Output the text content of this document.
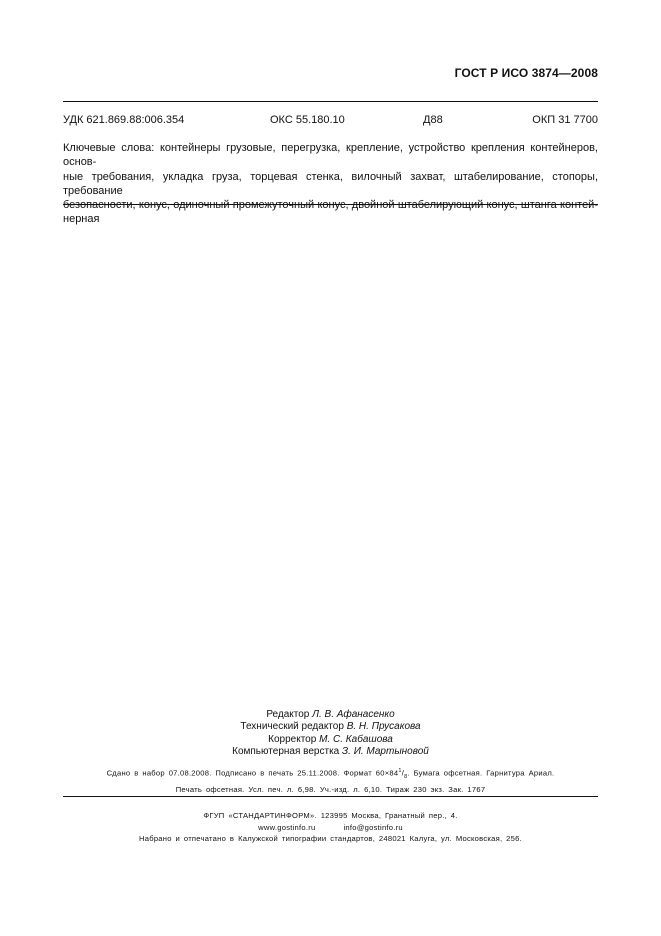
ГОСТ Р ИСО 3874—2008
УДК 621.869.88:006.354	ОКС 55.180.10	Д88	ОКП 31 7700
Ключевые слова: контейнеры грузовые, перегрузка, крепление, устройство крепления контейнеров, основ-
ные требования, укладка груза, торцевая стенка, вилочный захват, штабелирование, стопоры, требование
безопасности, конус, одиночный промежуточный конус, двойной штабелирующий конус, штанга контей-
нерная
Редактор Л. В. Афанасенко
Технический редактор В. Н. Прусакова
Корректор М. С. Кабашова
Компьютерная верстка З. И. Мартыновой
Сдано в набор 07.08.2008. Подписано в печать 25.11.2008. Формат $60\times 84^1/_8$. Бумага офсетная. Гарнитура Ариал.
Печать офсетная. Усл. печ. л. 6,98. Уч.-изд. л. 6,10. Тираж 230 экз. Зак. 1767
ФГУП «СТАНДАРТИНФОРМ». 123995 Москва, Гранатный пер., 4.
www.gostinfo.ru	info@gostinfo.ru
Набрано и отпечатано в Калужской типографии стандартов, 248021 Калуга, ул. Московская, 256.
